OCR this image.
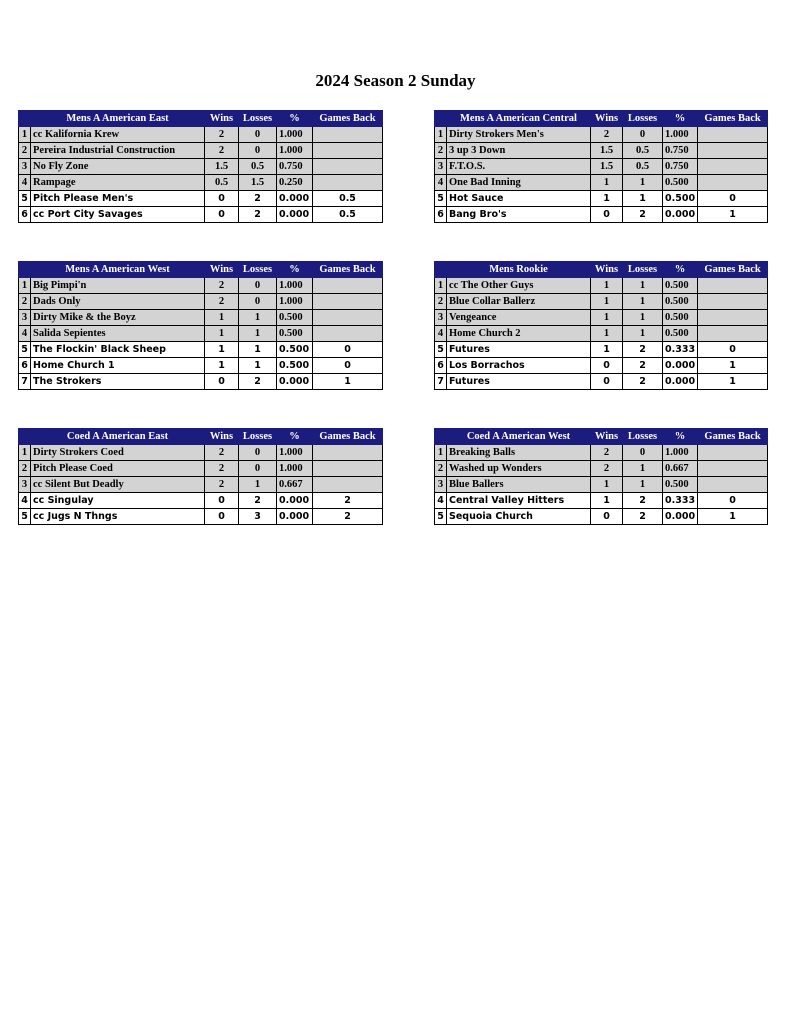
2024 Season 2 Sunday
	Mens A American East	Wins	Losses	%	Games Back
1	cc Kalifornia Krew	2	0	1.000	
2	Pereira Industrial Construction	2	0	1.000	
3	No Fly Zone	1.5	0.5	0.750	
4	Rampage	0.5	1.5	0.250	
5	Pitch Please Men's	0	2	0.000	0.5
6	cc Port City Savages	0	2	0.000	0.5
	Mens A American Central	Wins	Losses	%	Games Back
1	Dirty Strokers Men's	2	0	1.000	
2	3 up 3 Down	1.5	0.5	0.750	
3	F.T.O.S.	1.5	0.5	0.750	
4	One Bad Inning	1	1	0.500	
5	Hot Sauce	1	1	0.500	0
6	Bang Bro's	0	2	0.000	1
	Mens A American West	Wins	Losses	%	Games Back
1	Big Pimpi'n	2	0	1.000	
2	Dads Only	2	0	1.000	
3	Dirty Mike & the Boyz	1	1	0.500	
4	Salida Sepientes	1	1	0.500	
5	The Flockin' Black Sheep	1	1	0.500	0
6	Home Church 1	1	1	0.500	0
7	The Strokers	0	2	0.000	1
	Mens Rookie	Wins	Losses	%	Games Back
1	cc The Other Guys	1	1	0.500	
2	Blue Collar Ballerz	1	1	0.500	
3	Vengeance	1	1	0.500	
4	Home Church 2	1	1	0.500	
5	Futures	1	2	0.333	0
6	Los Borrachos	0	2	0.000	1
7	Futures	0	2	0.000	1
	Coed A American East	Wins	Losses	%	Games Back
1	Dirty Strokers Coed	2	0	1.000	
2	Pitch Please Coed	2	0	1.000	
3	cc Silent But Deadly	2	1	0.667	
4	cc Singulay	0	2	0.000	2
5	cc Jugs N Thngs	0	3	0.000	2
	Coed A American West	Wins	Losses	%	Games Back
1	Breaking Balls	2	0	1.000	
2	Washed up Wonders	2	1	0.667	
3	Blue Ballers	1	1	0.500	
4	Central Valley Hitters	1	2	0.333	0
5	Sequoia Church	0	2	0.000	1
